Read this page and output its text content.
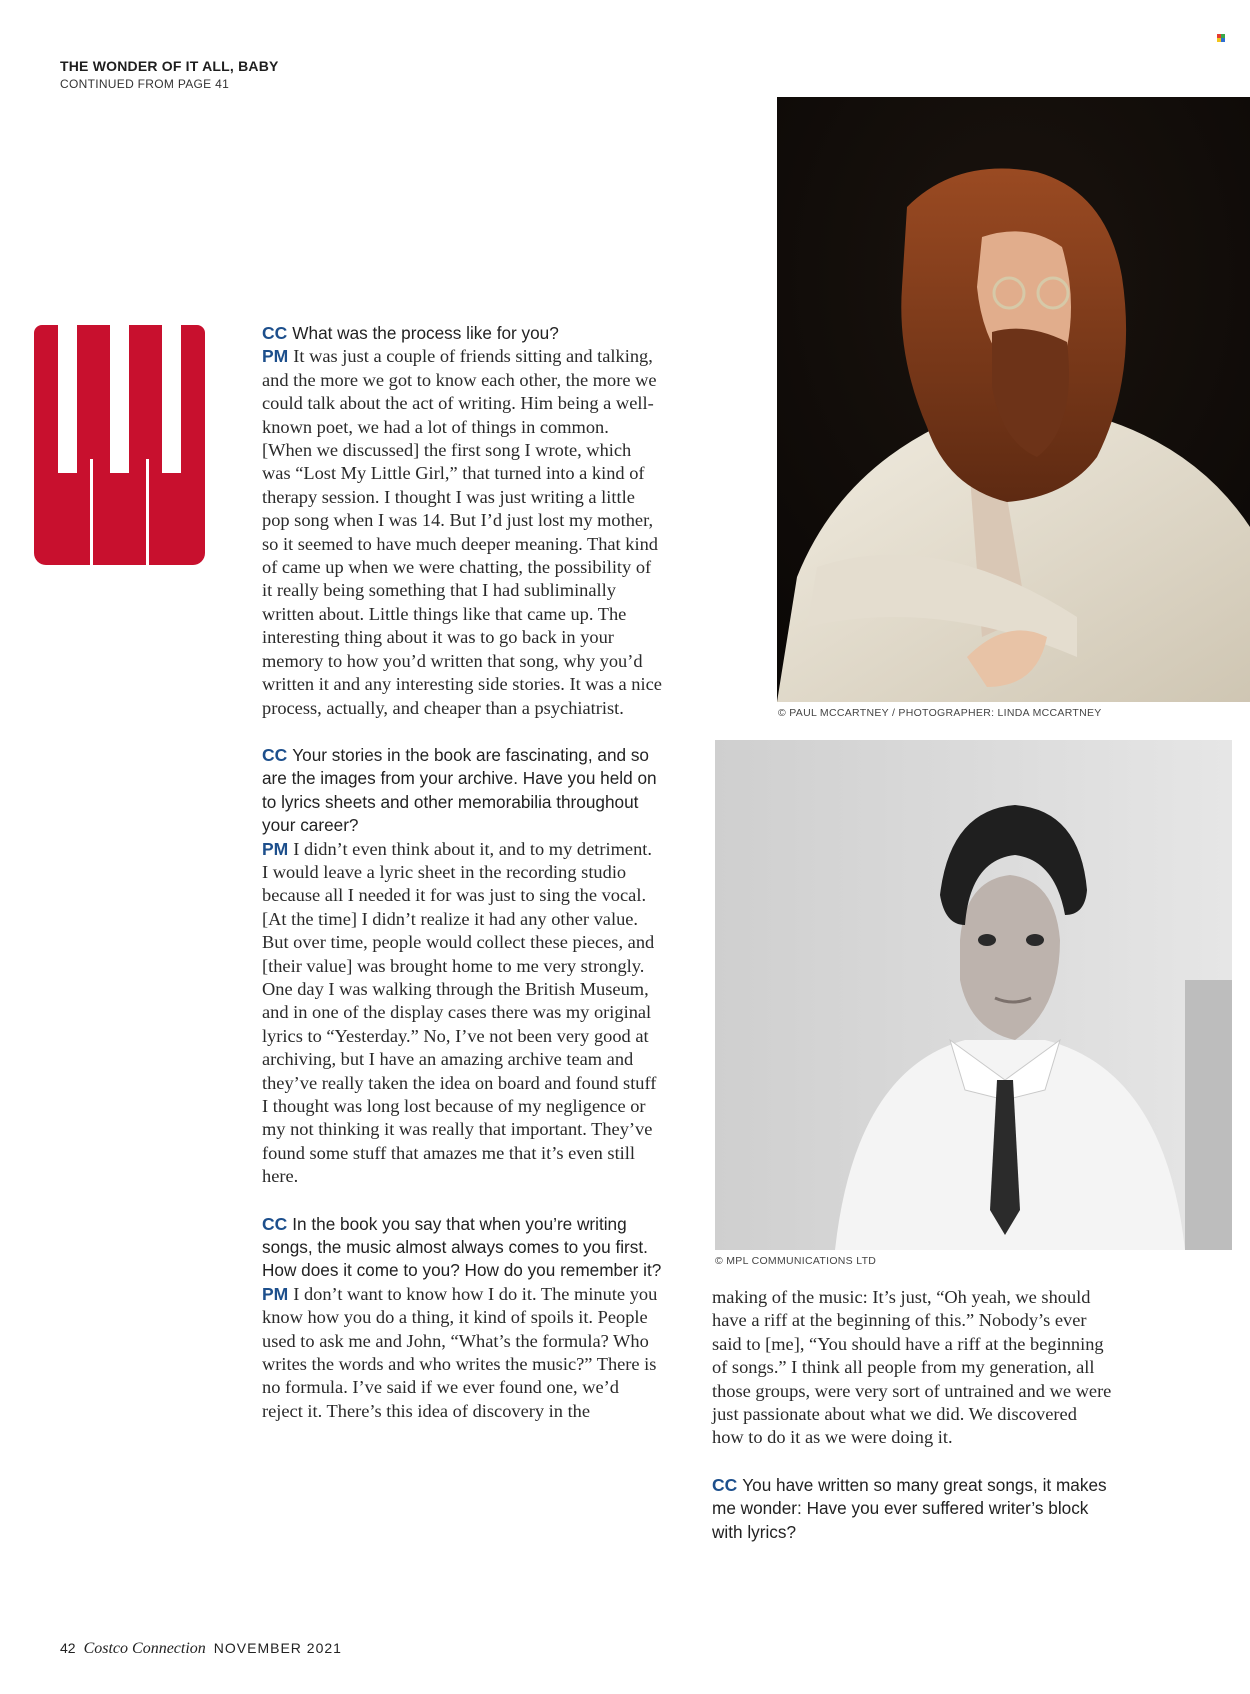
THE WONDER OF IT ALL, BABY
CONTINUED FROM PAGE 41

CC What was the process like for you?

PM It was just a couple of friends sitting and talking, and the more we got to know each other, the more we could talk about the act of writing. Him being a well-known poet, we had a lot of things in common. [When we discussed] the first song I wrote, which was “Lost My Little Girl,” that turned into a kind of therapy session. I thought I was just writing a little pop song when I was 14. But I’d just lost my mother, so it seemed to have much deeper meaning. That kind of came up when we were chatting, the possibility of it really being something that I had subliminally written about. Little things like that came up. The interesting thing about it was to go back in your memory to how you’d written that song, why you’d written it and any interesting side stories. It was a nice process, actually, and cheaper than a psychiatrist.

CC Your stories in the book are fascinating, and so are the images from your archive. Have you held on to lyrics sheets and other memorabilia throughout your career?

PM I didn’t even think about it, and to my detriment. I would leave a lyric sheet in the recording studio because all I needed it for was just to sing the vocal. [At the time] I didn’t realize it had any other value. But over time, people would collect these pieces, and [their value] was brought home to me very strongly. One day I was walking through the British Museum, and in one of the display cases there was my original lyrics to “Yesterday.” No, I’ve not been very good at archiving, but I have an amazing archive team and they’ve really taken the idea on board and found stuff I thought was long lost because of my negligence or my not thinking it was really that important. They’ve found some stuff that amazes me that it’s even still here.

CC In the book you say that when you’re writing songs, the music almost always comes to you first. How does it come to you? How do you remember it?

PM I don’t want to know how I do it. The minute you know how you do a thing, it kind of spoils it. People used to ask me and John, “What’s the formula? Who writes the words and who writes the music?” There is no formula. I’ve said if we ever found one, we’d reject it. There’s this idea of discovery in the

© PAUL MCCARTNEY / PHOTOGRAPHER: LINDA MCCARTNEY
© MPL COMMUNICATIONS LTD

making of the music: It’s just, “Oh yeah, we should have a riff at the beginning of this.” Nobody’s ever said to [me], “You should have a riff at the beginning of songs.” I think all people from my generation, all those groups, were very sort of untrained and we were just passionate about what we did. We discovered how to do it as we were doing it.

CC You have written so many great songs, it makes me wonder: Have you ever suffered writer’s block with lyrics?

42 Costco Connection NOVEMBER 2021
